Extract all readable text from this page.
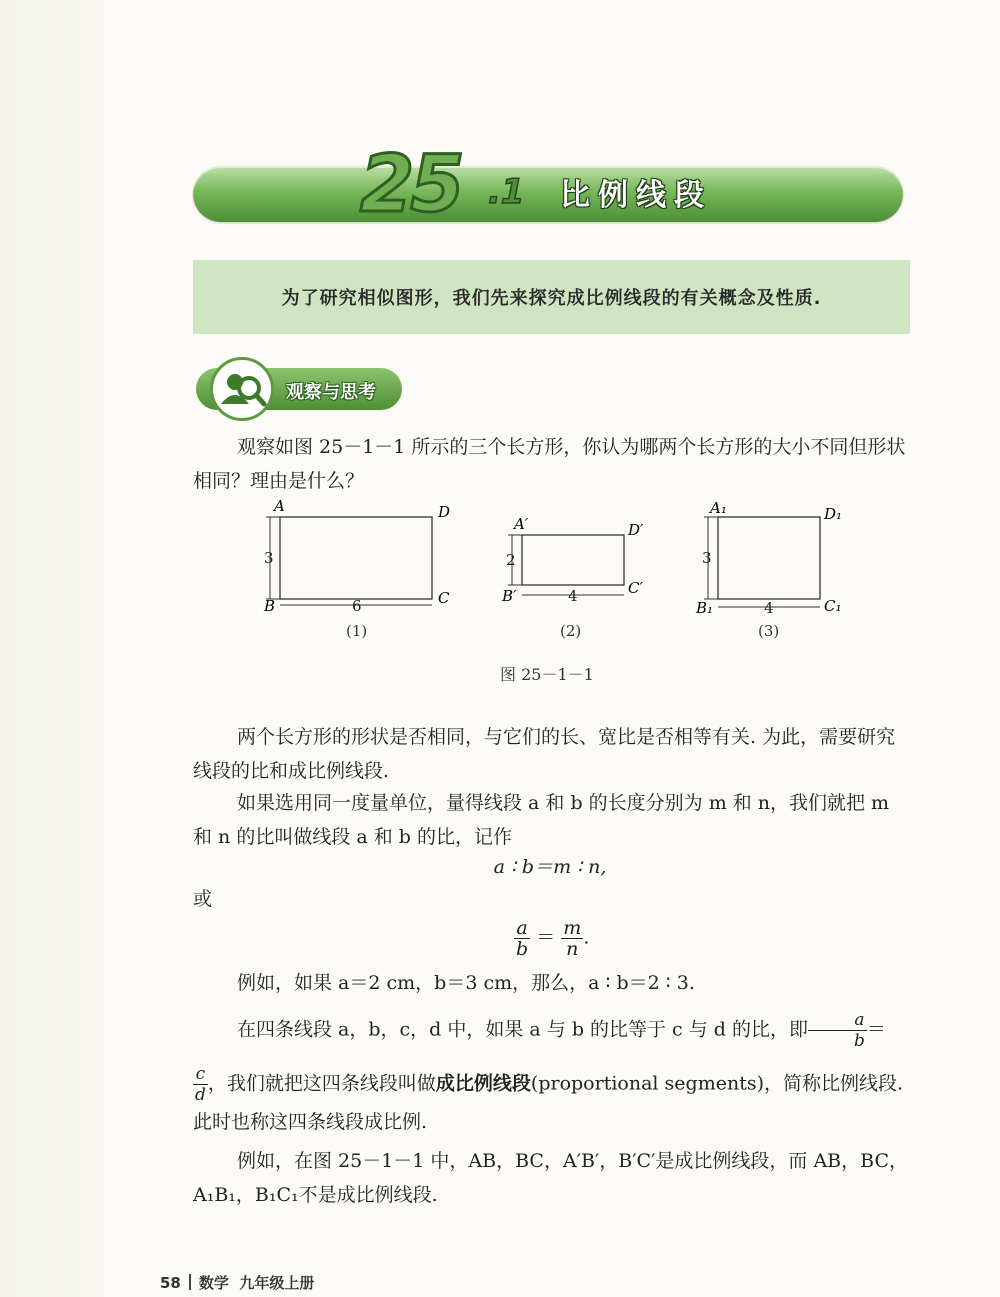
25 .1 比例线段
为了研究相似图形，我们先来探究成比例线段的有关概念及性质.
观察与思考
观察如图 25－1－1 所示的三个长方形，你认为哪两个长方形的大小不同但形状相同？理由是什么？
A	D
B	C
3
6
A′	D′
B′	C′
2
4
A₁	D₁
B₁	C₁
3
4
(1)	(2)	(3)
图 25－1－1
两个长方形的形状是否相同，与它们的长、宽比是否相等有关. 为此，需要研究线段的比和成比例线段.
如果选用同一度量单位，量得线段 a 和 b 的长度分别为 m 和 n，我们就把 m 和 n 的比叫做线段 a 和 b 的比，记作
a ∶ b＝m ∶ n,
或
$\frac{a}{b} = \frac{m}{n}$ .
例如，如果 a＝2 cm，b＝3 cm，那么，a ∶ b＝2 ∶ 3.
在四条线段 a，b，c，d 中，如果 a 与 b 的比等于 c 与 d 的比，即 $\frac{a}{b}$ ＝
$\frac{c}{d}$ ，我们就把这四条线段叫做成比例线段(proportional segments)，简称比例线段. 此时也称这四条线段成比例.
例如，在图 25－1－1 中，AB，BC，A′B′，B′C′是成比例线段，而 AB，BC，A₁B₁，B₁C₁不是成比例线段.
58 数学 九年级上册
